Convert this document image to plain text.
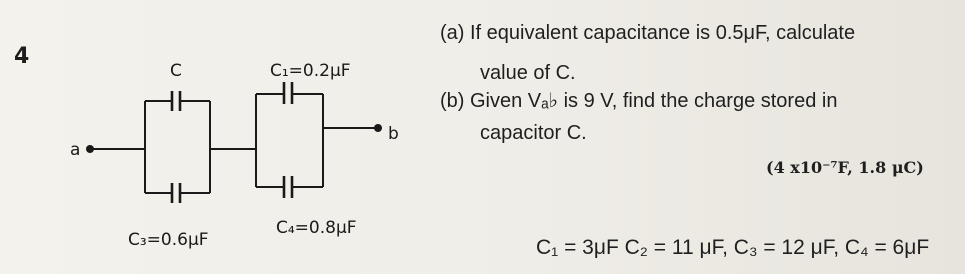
4
C	C₁=0.2μF
C₃=0.6μF
C₄=0.8μF
a
b
(a) If equivalent capacitance is 0.5μF, calculate
value of C.
(b) Given Vₐ♭ is 9 V, find the charge stored in
capacitor C.
(4 x10⁻⁷F, 1.8 μC)
C₁ = 3μF C₂ = 11 μF, C₃ = 12 μF, C₄ = 6μF
